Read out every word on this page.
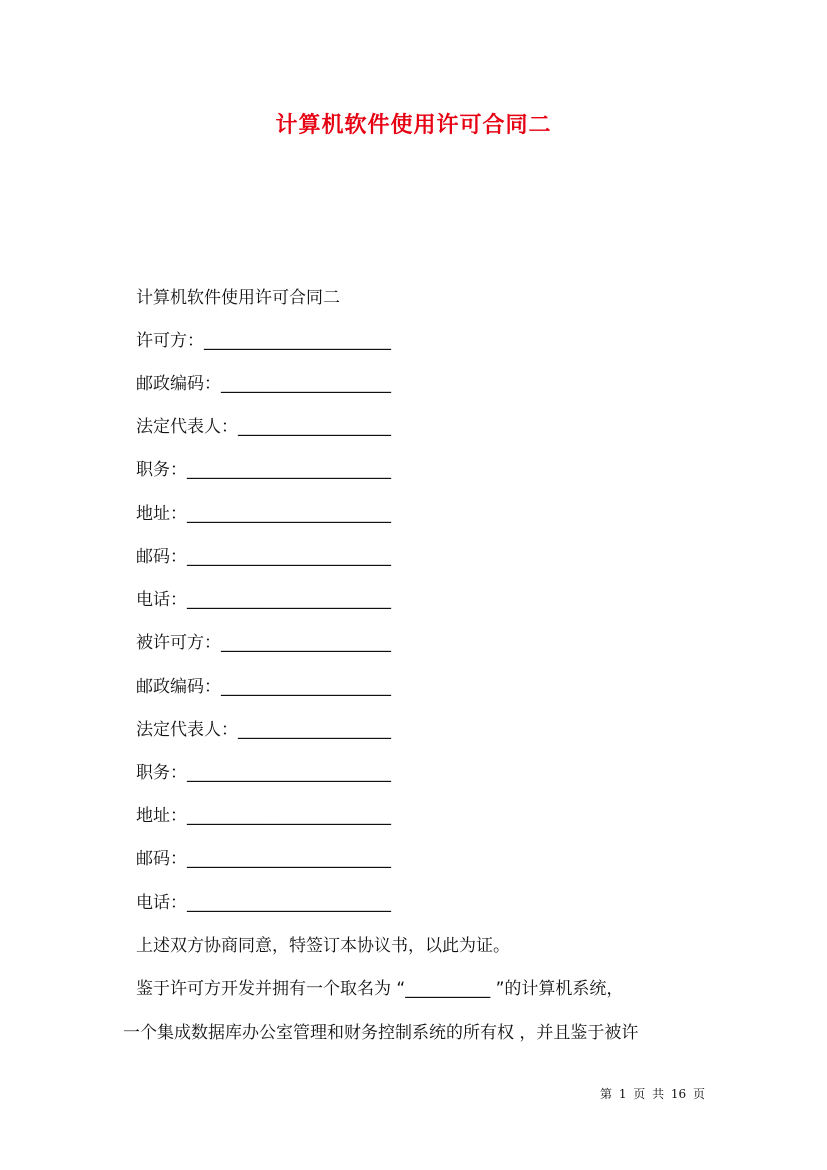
计算机软件使用许可合同二
计算机软件使用许可合同二
许可方：______________________
邮政编码：____________________
法定代表人：__________________
职务：________________________
地址：________________________
邮码：________________________
电话：________________________
被许可方：____________________
邮政编码：____________________
法定代表人：__________________
职务：________________________
地址：________________________
邮码：________________________
电话：________________________
上述双方协商同意，特签订本协议书，以此为证。
鉴于许可方开发并拥有一个取名为 “__________ ”的计算机系统，
一个集成数据库办公室管理和财务控制系统的所有权 ，并且鉴于被许
第 1 页 共 16 页
